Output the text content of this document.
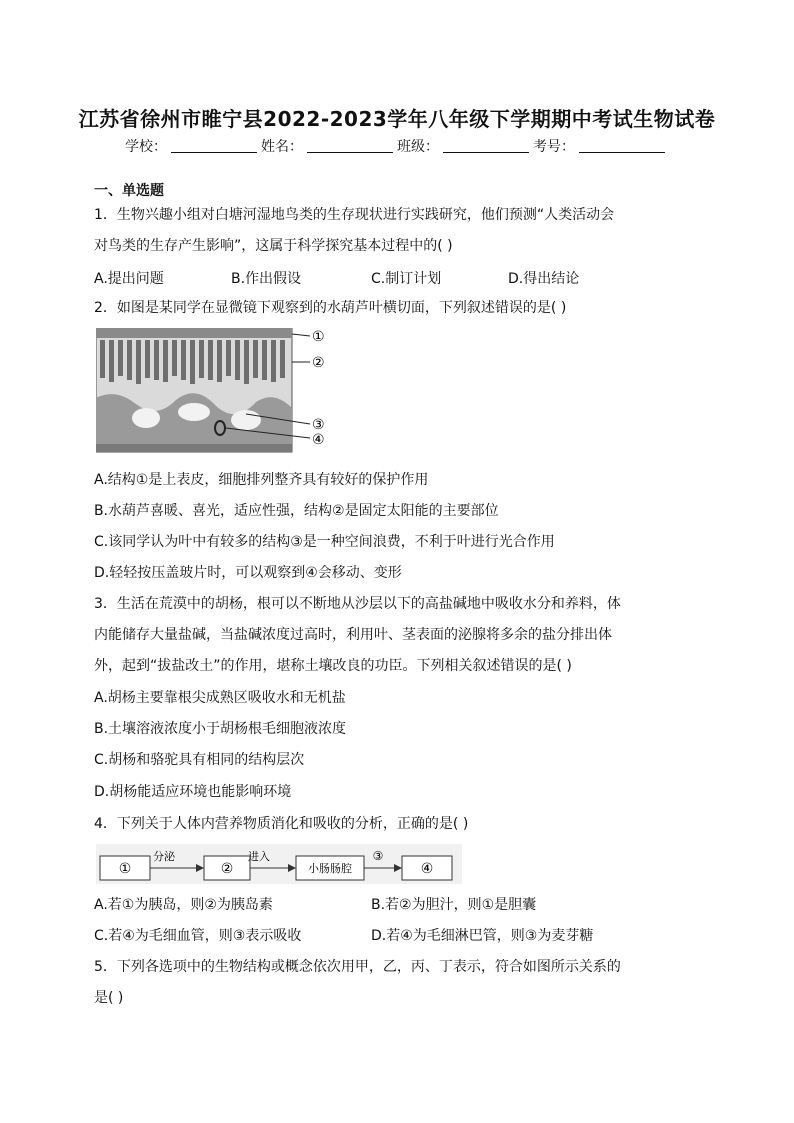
江苏省徐州市睢宁县2022-2023学年八年级下学期期中考试生物试卷
学校：	姓名：	班级：	考号：
一、单选题
1．生物兴趣小组对白塘河湿地鸟类的生存现状进行实践研究，他们预测“人类活动会
对鸟类的生存产生影响”，这属于科学探究基本过程中的( )
A.提出问题	B.作出假设	C.制订计划	D.得出结论
2．如图是某同学在显微镜下观察到的水葫芦叶横切面，下列叙述错误的是( )
①
②
③
④
A.结构①是上表皮，细胞排列整齐具有较好的保护作用
B.水葫芦喜暖、喜光，适应性强，结构②是固定太阳能的主要部位
C.该同学认为叶中有较多的结构③是一种空间浪费，不利于叶进行光合作用
D.轻轻按压盖玻片时，可以观察到④会移动、变形
3．生活在荒漠中的胡杨，根可以不断地从沙层以下的高盐碱地中吸收水分和养料，体
内能储存大量盐碱，当盐碱浓度过高时，利用叶、茎表面的泌腺将多余的盐分排出体
外，起到“拔盐改土”的作用，堪称土壤改良的功臣。下列相关叙述错误的是( )
A.胡杨主要靠根尖成熟区吸收水和无机盐
B.土壤溶液浓度小于胡杨根毛细胞液浓度
C.胡杨和骆驼具有相同的结构层次
D.胡杨能适应环境也能影响环境
4．下列关于人体内营养物质消化和吸收的分析，正确的是( )
①
分泌
②
进入
小肠肠腔
③
④
A.若①为胰岛，则②为胰岛素	B.若②为胆汁，则①是胆囊
C.若④为毛细血管，则③表示吸收	D.若④为毛细淋巴管，则③为麦芽糖
5．下列各选项中的生物结构或概念依次用甲，乙，丙、丁表示，符合如图所示关系的
是( )
